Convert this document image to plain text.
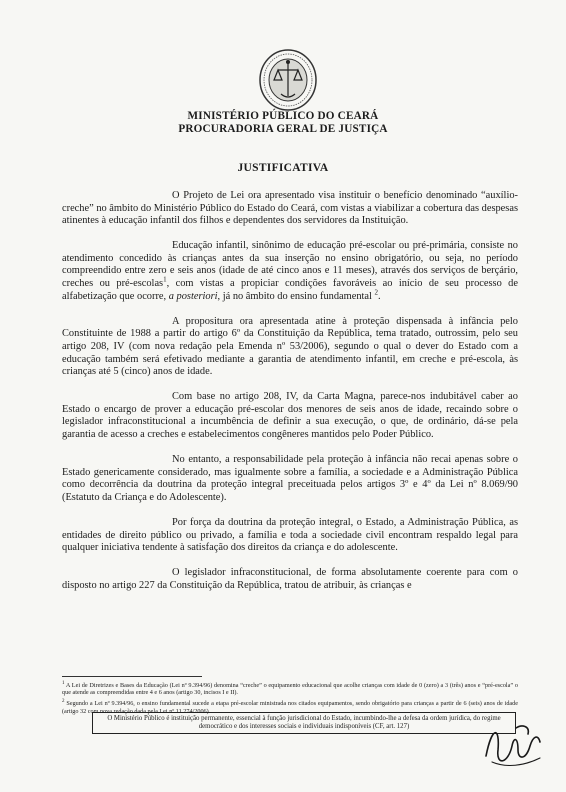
MINISTÉRIO PÚBLICO DO CEARÁ
PROCURADORIA GERAL DE JUSTIÇA
JUSTIFICATIVA

O Projeto de Lei ora apresentado visa instituir o benefício denominado “auxílio-creche” no âmbito do Ministério Público do Estado do Ceará, com vistas a viabilizar a cobertura das despesas atinentes à educação infantil dos filhos e dependentes dos servidores da Instituição.

Educação infantil, sinônimo de educação pré-escolar ou pré-primária, consiste no atendimento concedido às crianças antes da sua inserção no ensino obrigatório, ou seja, no período compreendido entre zero e seis anos (idade de até cinco anos e 11 meses), através dos serviços de berçário, creches ou pré-escolas$^1$, com vistas a propiciar condições favoráveis ao início de seu processo de alfabetização que ocorre, a posteriori, já no âmbito do ensino fundamental $^2$.

A propositura ora apresentada atine à proteção dispensada à infância pelo Constituinte de 1988 a partir do artigo 6º da Constituição da República, tema tratado, outrossim, pelo seu artigo 208, IV (com nova redação pela Emenda nº 53/2006), segundo o qual o dever do Estado com a educação também será efetivado mediante a garantia de atendimento infantil, em creche e pré-escola, às crianças até 5 (cinco) anos de idade.

Com base no artigo 208, IV, da Carta Magna, parece-nos indubitável caber ao Estado o encargo de prover a educação pré-escolar dos menores de seis anos de idade, recaindo sobre o legislador infraconstitucional a incumbência de definir a sua execução, o que, de ordinário, dá-se pela garantia de acesso a creches e estabelecimentos congêneres mantidos pelo Poder Público.

No entanto, a responsabilidade pela proteção à infância não recai apenas sobre o Estado genericamente considerado, mas igualmente sobre a família, a sociedade e a Administração Pública como decorrência da doutrina da proteção integral preceituada pelos artigos 3º e 4º da Lei nº 8.069/90 (Estatuto da Criança e do Adolescente).

Por força da doutrina da proteção integral, o Estado, a Administração Pública, as entidades de direito público ou privado, a família e toda a sociedade civil encontram respaldo legal para qualquer iniciativa tendente à satisfação dos direitos da criança e do adolescente.

O legislador infraconstitucional, de forma absolutamente coerente para com o disposto no artigo 227 da Constituição da República, tratou de atribuir, às crianças e

$^1$ A Lei de Diretrizes e Bases da Educação (Lei nº 9.394/96) denomina “creche” o equipamento educacional que acolhe crianças com idade de 0 (zero) a 3 (três) anos e “pré-escola” o que atende as compreendidas entre 4 e 6 anos (artigo 30, incisos I e II).

$^2$ Segundo a Lei nº 9.394/96, o ensino fundamental sucede a etapa pré-escolar ministrada nos citados equipamentos, sendo obrigatório para crianças a partir de 6 (seis) anos de idade (artigo 32 com nova redação dada pela Lei nº 11.274/2006).

O Ministério Público é instituição permanente, essencial à função jurisdicional do Estado, incumbindo-lhe a defesa da ordem jurídica, do regime democrático e dos interesses sociais e individuais indisponíveis (CF, art. 127)
